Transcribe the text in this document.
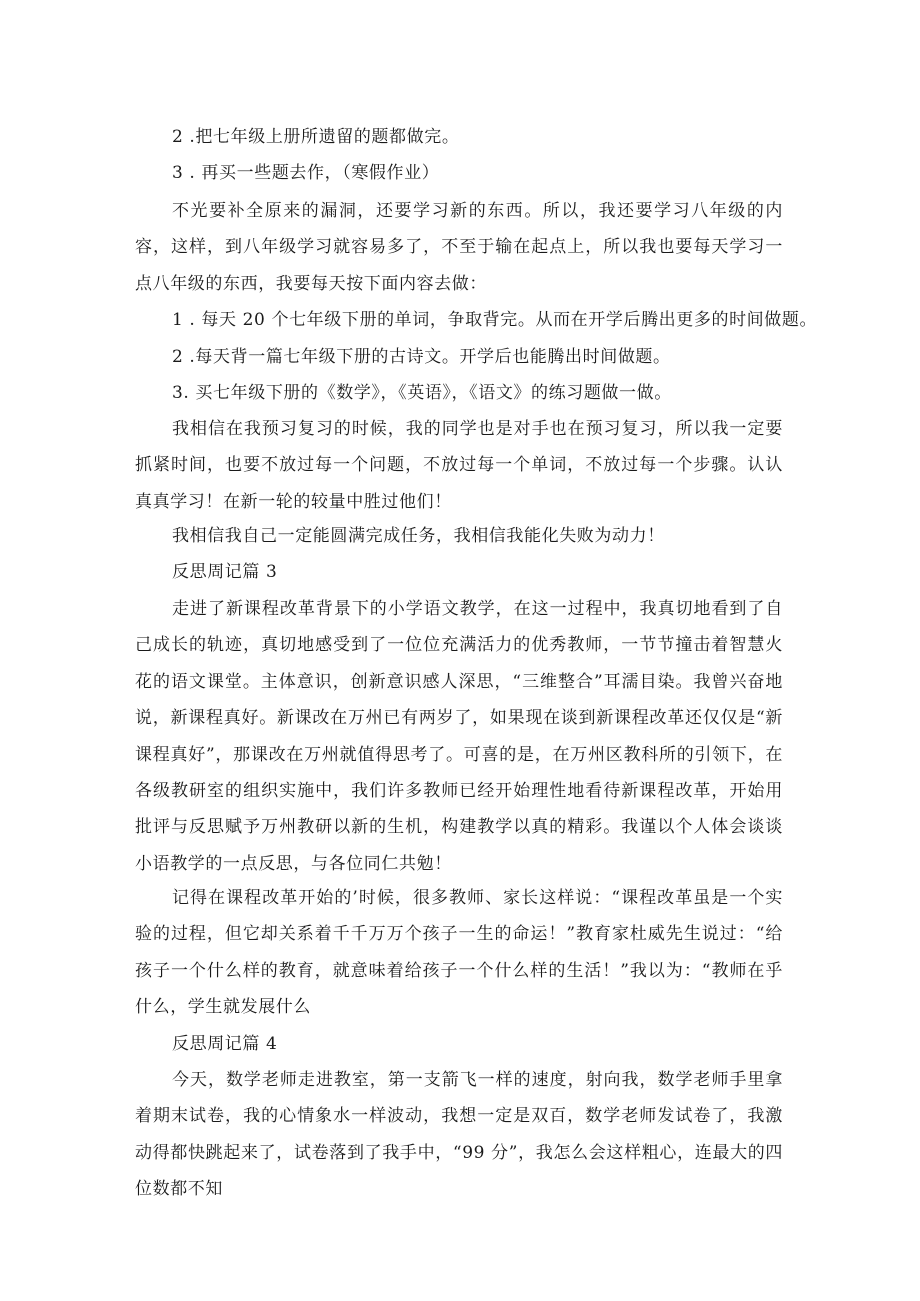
2 .把七年级上册所遗留的题都做完。
3 . 再买一些题去作，（寒假作业）

不光要补全原来的漏洞，还要学习新的东西。所以，我还要学习八年级的内容，这样，到八年级学习就容易多了，不至于输在起点上，所以我也要每天学习一点八年级的东西，我要每天按下面内容去做：

1 . 每天 20 个七年级下册的单词，争取背完。从而在开学后腾出更多的时间做题。
2 .每天背一篇七年级下册的古诗文。开学后也能腾出时间做题。
3. 买七年级下册的《数学》，《英语》，《语文》的练习题做一做。

我相信在我预习复习的时候，我的同学也是对手也在预习复习，所以我一定要抓紧时间，也要不放过每一个问题，不放过每一个单词，不放过每一个步骤。认认真真学习！在新一轮的较量中胜过他们！

我相信我自己一定能圆满完成任务，我相信我能化失败为动力！
反思周记篇 3

走进了新课程改革背景下的小学语文教学，在这一过程中，我真切地看到了自己成长的轨迹，真切地感受到了一位位充满活力的优秀教师，一节节撞击着智慧火花的语文课堂。主体意识，创新意识感人深思，“三维整合”耳濡目染。我曾兴奋地说，新课程真好。新课改在万州已有两岁了，如果现在谈到新课程改革还仅仅是“新课程真好”，那课改在万州就值得思考了。可喜的是，在万州区教科所的引领下，在各级教研室的组织实施中，我们许多教师已经开始理性地看待新课程改革，开始用批评与反思赋予万州教研以新的生机，构建教学以真的精彩。我谨以个人体会谈谈小语教学的一点反思，与各位同仁共勉！

记得在课程改革开始的’时候，很多教师、家长这样说：“课程改革虽是一个实验的过程，但它却关系着千千万万个孩子一生的命运！”教育家杜威先生说过：“给孩子一个什么样的教育，就意味着给孩子一个什么样的生活！”我以为：“教师在乎什么，学生就发展什么

反思周记篇 4

今天，数学老师走进教室，第一支箭飞一样的速度，射向我，数学老师手里拿着期末试卷，我的心情象水一样波动，我想一定是双百，数学老师发试卷了，我激动得都快跳起来了，试卷落到了我手中，“99 分”，我怎么会这样粗心，连最大的四位数都不知
